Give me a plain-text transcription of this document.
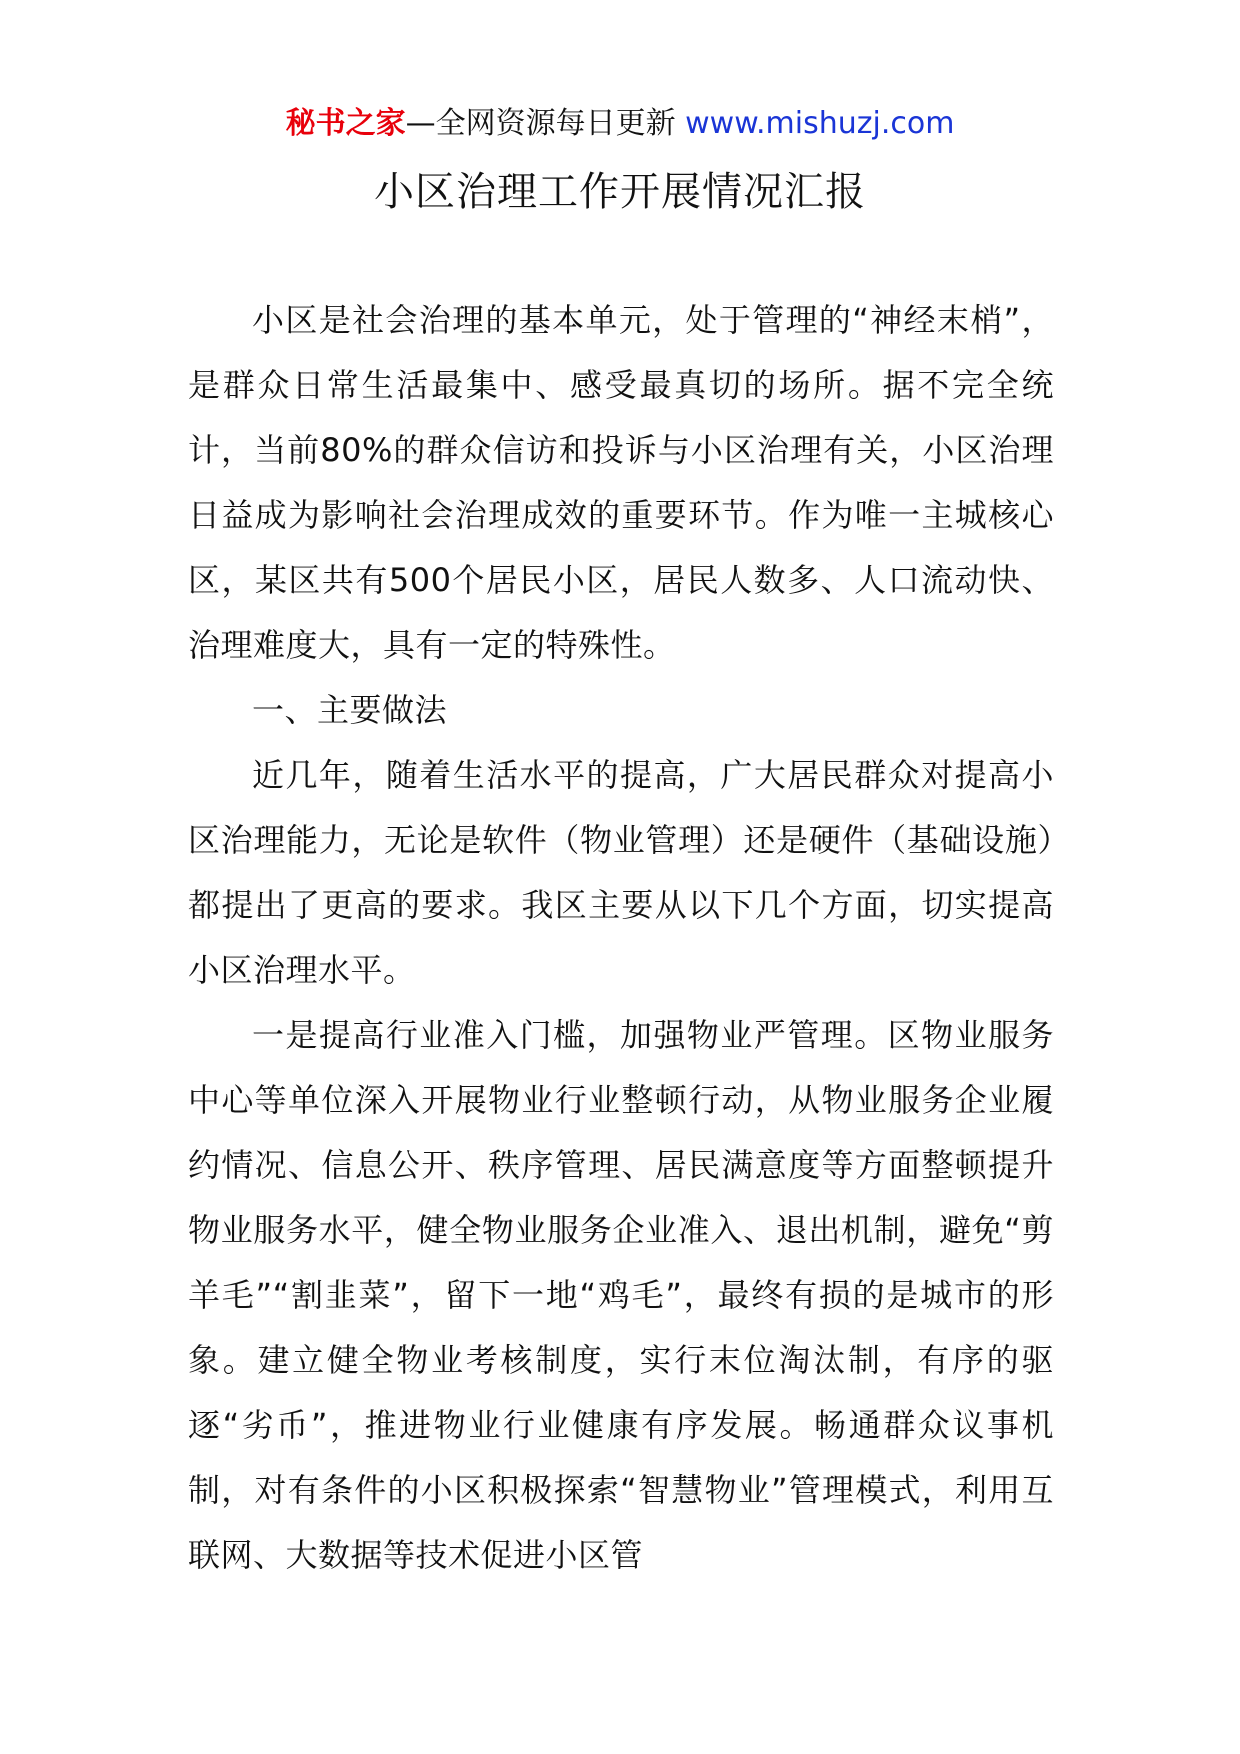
秘书之家—全网资源每日更新 www.mishuzj.com
小区治理工作开展情况汇报

小区是社会治理的基本单元，处于管理的“神经末梢”，是群众日常生活最集中、感受最真切的场所。据不完全统计，当前80%的群众信访和投诉与小区治理有关，小区治理日益成为影响社会治理成效的重要环节。作为唯一主城核心区，某区共有500个居民小区，居民人数多、人口流动快、治理难度大，具有一定的特殊性。

一、主要做法

近几年，随着生活水平的提高，广大居民群众对提高小区治理能力，无论是软件（物业管理）还是硬件（基础设施）都提出了更高的要求。我区主要从以下几个方面，切实提高小区治理水平。

一是提高行业准入门槛，加强物业严管理。区物业服务中心等单位深入开展物业行业整顿行动，从物业服务企业履约情况、信息公开、秩序管理、居民满意度等方面整顿提升物业服务水平，健全物业服务企业准入、退出机制，避免“剪羊毛”“割韭菜”，留下一地“鸡毛”，最终有损的是城市的形象。建立健全物业考核制度，实行末位淘汰制，有序的驱逐“劣币”，推进物业行业健康有序发展。畅通群众议事机制，对有条件的小区积极探索“智慧物业”管理模式，利用互联网、大数据等技术促进小区管
